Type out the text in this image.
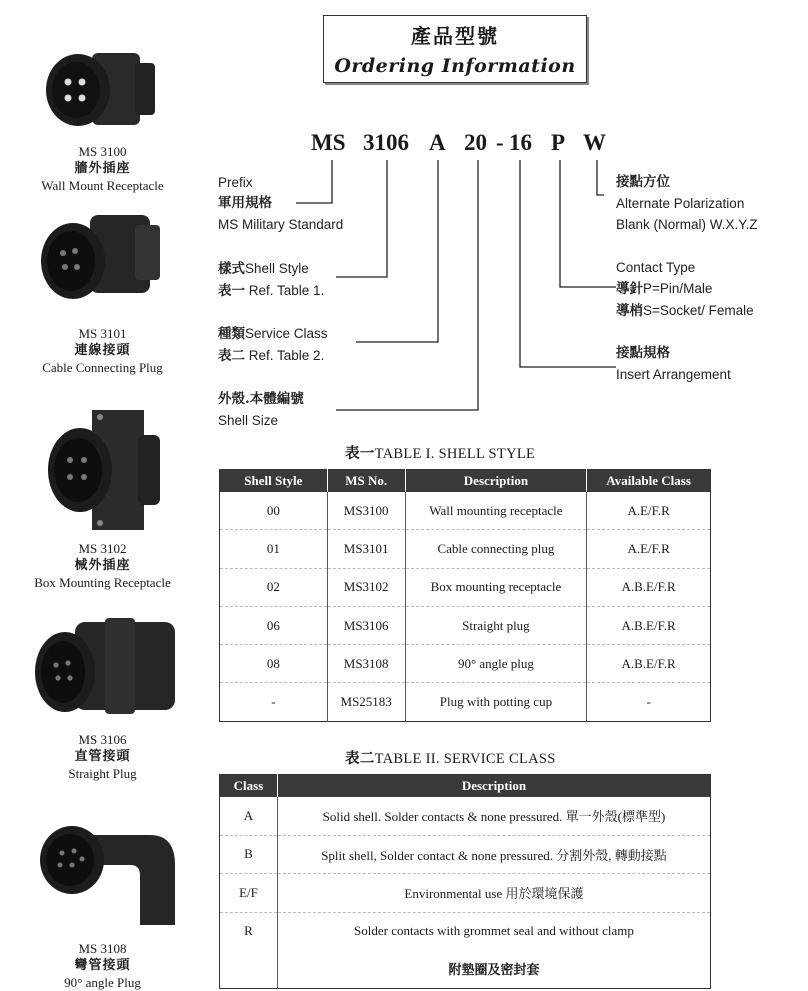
產品型號
Ordering Information
MS 3100
牆外插座
Wall Mount Receptacle
MS 3101
連線接頭
Cable Connecting Plug
MS 3102
械外插座
Box Mounting Receptacle
MS 3106
直管接頭
Straight Plug
MS 3108
彎管接頭
90° angle Plug
MS 3106 A 20 - 16 P W
Prefix
軍用規格
MS Military Standard
樣式Shell Style
表一 Ref. Table 1.
種類Service Class
表二 Ref. Table 2.
外殼.本體編號
Shell Size
接點方位
Alternate Polarization
Blank (Normal) W.X.Y.Z
Contact Type
導針P=Pin/Male
導梢S=Socket/ Female
接點規格
Insert Arrangement
表一TABLE I. SHELL STYLE
Shell Style	MS No.	Description	Available Class
00	MS3100	Wall mounting receptacle	A.E/F.R
01	MS3101	Cable connecting plug	A.E/F.R
02	MS3102	Box mounting receptacle	A.B.E/F.R
06	MS3106	Straight plug	A.B.E/F.R
08	MS3108	90° angle plug	A.B.E/F.R
-	MS25183	Plug with potting cup	-
表二TABLE II. SERVICE CLASS
Class	Description
A	Solid shell. Solder contacts & none pressured. 單一外殼(標準型)
B	Split shell, Solder contact & none pressured. 分割外殼, 轉動接點
E/F	Environmental use 用於環境保護
R	Solder contacts with grommet seal and without clamp
	附墊圈及密封套
